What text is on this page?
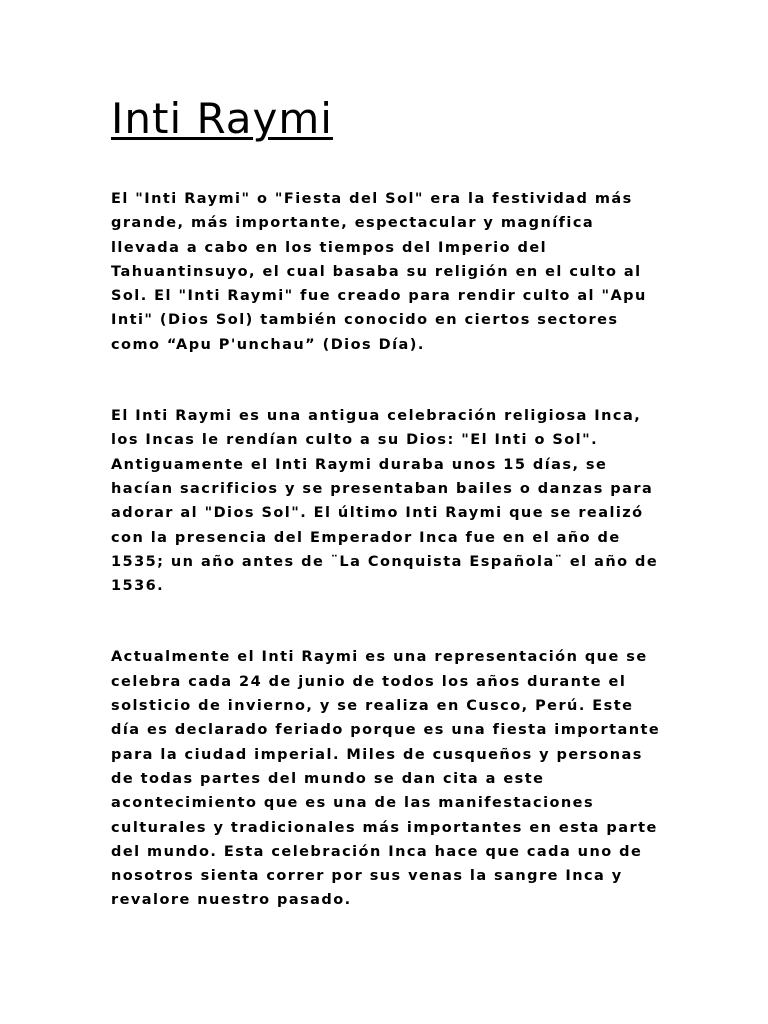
Inti Raymi

El "Inti Raymi" o "Fiesta del Sol" era la festividad más grande, más importante, espectacular y magnífica llevada a cabo en los tiempos del Imperio del Tahuantinsuyo, el cual basaba su religión en el culto al Sol. El "Inti Raymi" fue creado para rendir culto al "Apu Inti" (Dios Sol) también conocido en ciertos sectores como “Apu P'unchau” (Dios Día).

El Inti Raymi es una antigua celebración religiosa Inca, los Incas le rendían culto a su Dios: "El Inti o Sol". Antiguamente el Inti Raymi duraba unos 15 días, se hacían sacrificios y se presentaban bailes o danzas para adorar al "Dios Sol". El último Inti Raymi que se realizó con la presencia del Emperador Inca fue en el año de 1535; un año antes de ¨La Conquista Española¨ el año de 1536.

Actualmente el Inti Raymi es una representación que se celebra cada 24 de junio de todos los años durante el solsticio de invierno, y se realiza en Cusco, Perú. Este día es declarado feriado porque es una fiesta importante para la ciudad imperial. Miles de cusqueños y personas de todas partes del mundo se dan cita a este acontecimiento que es una de las manifestaciones culturales y tradicionales más importantes en esta parte del mundo. Esta celebración Inca hace que cada uno de nosotros sienta correr por sus venas la sangre Inca y revalore nuestro pasado.
